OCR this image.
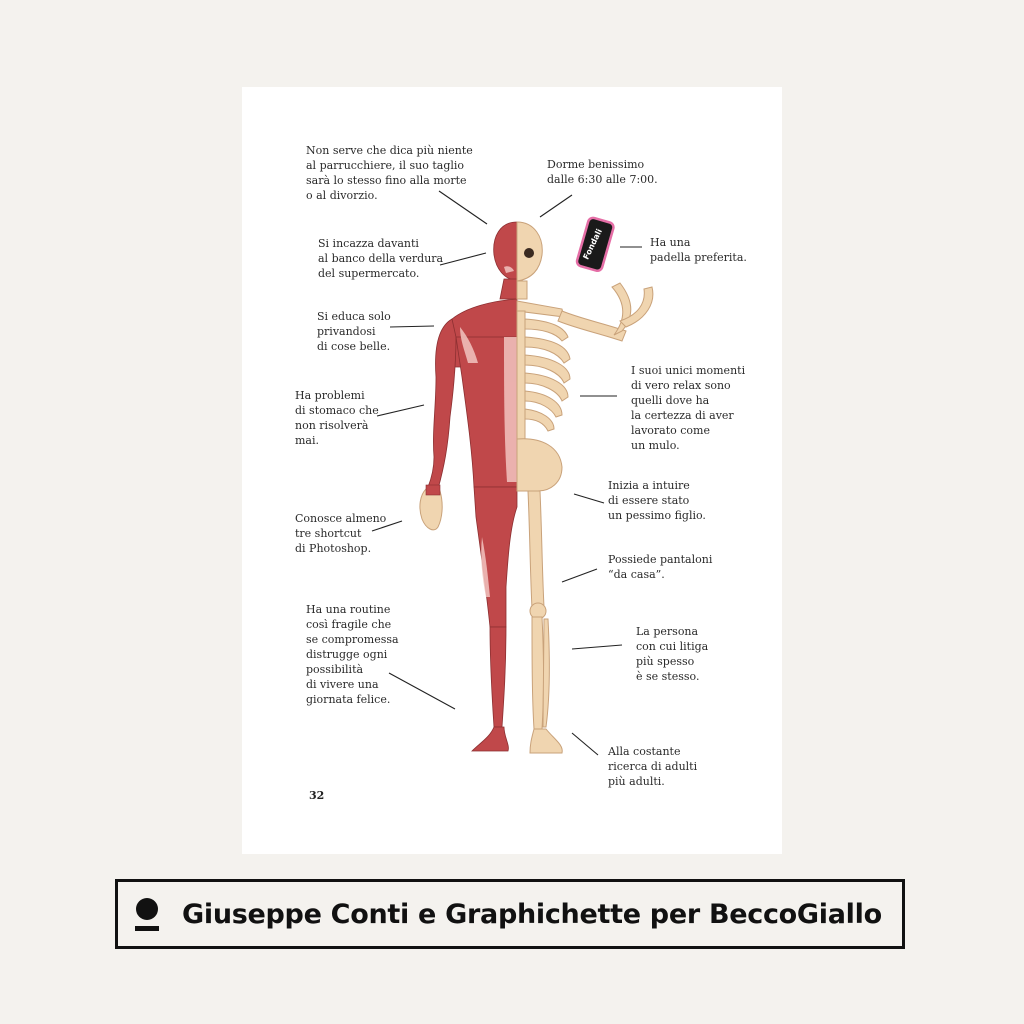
Fondali
Non serve che dica più niente
al parrucchiere, il suo taglio
sarà lo stesso fino alla morte
o al divorzio.
Dorme benissimo
dalle 6:30 alle 7:00.
Si incazza davanti
al banco della verdura
del supermercato.
Ha una
padella preferita.
Si educa solo
privandosi
di cose belle.
I suoi unici momenti
di vero relax sono
quelli dove ha
la certezza di aver
lavorato come
un mulo.
Ha problemi
di stomaco che
non risolverà
mai.
Inizia a intuire
di essere stato
un pessimo figlio.
Conosce almeno
tre shortcut
di Photoshop.
Possiede pantaloni
“da casa”.
Ha una routine
così fragile che
se compromessa
distrugge ogni
possibilità
di vivere una
giornata felice.
La persona
con cui litiga
più spesso
è se stesso.
Alla costante
ricerca di adulti
più adulti.
32
Giuseppe Conti e Graphichette per BeccoGiallo
